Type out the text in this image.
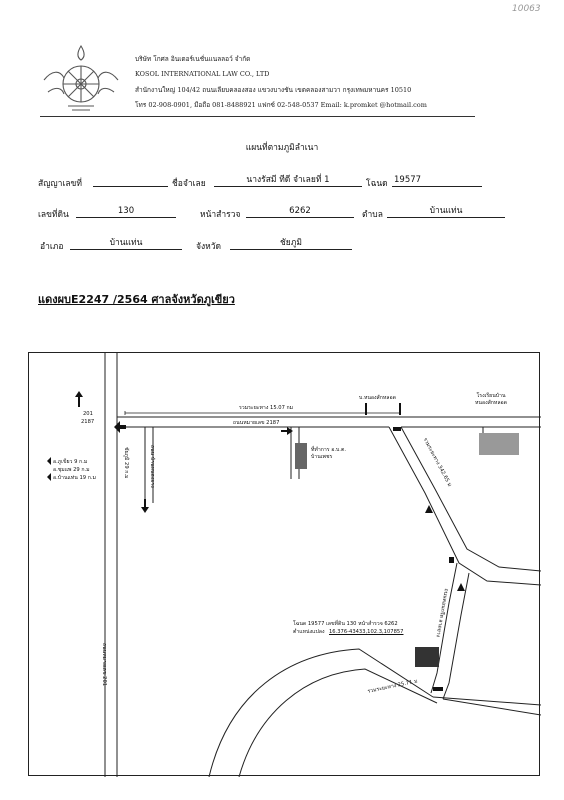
10063
บริษัท โกศล อินเตอร์เนชั่นแนลลอว์ จำกัด
KOSOL INTERNATIONAL LAW CO., LTD
สำนักงานใหญ่ 104/42 ถนนเลียบคลองสอง แขวงบางชัน เขตคลองสามวา กรุงเทพมหานคร 10510
โทร 02-908-0901, มือถือ 081-8488921 แฟกซ์ 02-548-0537 Email: k.promket @hotmail.com
แผนที่ตามภูมิลำเนา
สัญญาเลขที่	ชื่อจำเลย	นางรัสมี ทีดี จำเลยที่ 1	โฉนด 19577
เลขที่ดิน	130	หน้าสำรวจ	6262	ตำบล	บ้านแท่น
อำเภอ	บ้านแท่น	จังหวัด	ชัยภูมิ
แดงผบE2247 /2564 ศาลจังหวัดภูเขียว
201
2187
อ.ภูเขียว 9 ก.ม
อ.ชุมแพ 29 ก.ม
อ.บ้านแท่น 19 ก.ม
ถนนหมายเลข 201
ถนนหมายเลข 2187
ถนน บ้านหนองยาง
ชัยภูมิ 29 ก.ม
รวมระยะทาง 15.07 กม
บ.หนองสักหลอด	โรงเรียนบ้าน
หนองสักหลอด
ที่ทำการ อ.บ.ต.
บ้านเพชร	รวมระยะทาง 342.65 ม
ถนนคอนกรีต ลาดยาง
โฉนด 19577 เลขที่ดิน 130 หน้าสำรวจ 6262
ตำแหน่งแปลง 16.376-43433,102.3,107857
รวมระยะทาง 25.71 ม
